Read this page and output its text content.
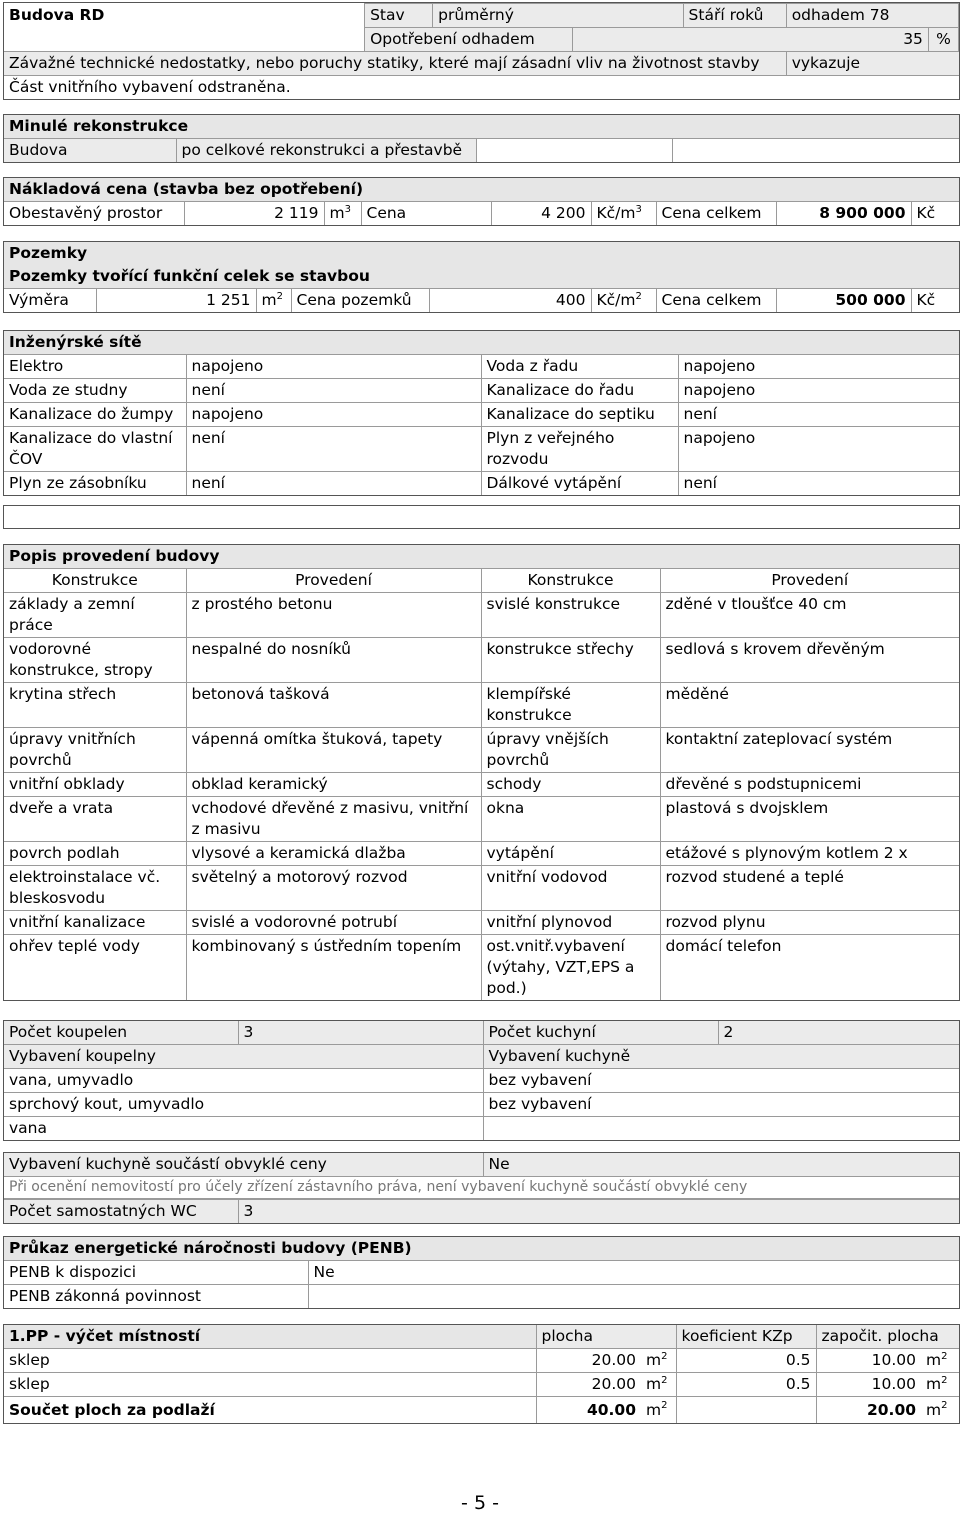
Budova RD	Stav	průměrný		Stáří roků	odhadem 78	
	Opotřebení odhadem		35			%
Závažné technické nedostatky, nebo poruchy statiky, které mají zásadní vliv na životnost stavby					vykazuje	
Část vnitřního vybavení odstraněna.						
Minulé rekonstrukce
Budova	po celkové rekonstrukci a přestavbě		
Nákladová cena (stavba bez opotřebení)
Obestavěný prostor	2 119	$m^3$	Cena	4 200	$Kč/m^3$	Cena celkem	8 900 000	Kč
Pozemky
Pozemky tvořící funkční celek se stavbou
Výměra	1 251	$m^2$	Cena pozemků	400	$Kč/m^2$	Cena celkem	500 000	Kč
Inženýrské sítě			
Elektro	napojeno	Voda z řadu	napojeno
Voda ze studny	není	Kanalizace do řadu	napojeno
Kanalizace do žumpy	napojeno	Kanalizace do septiku	není
Kanalizace do vlastní ČOV	není	Plyn z veřejného rozvodu	napojeno
Plyn ze zásobníku	není	Dálkové vytápění	není
Popis provedení budovy			
Konstrukce	Provedení	Konstrukce	Provedení
základy a zemní práce	z prostého betonu	svislé konstrukce	zděné v tloušťce 40 cm
vodorovné konstrukce, stropy	nespalné do nosníků	konstrukce střechy	sedlová s krovem dřevěným
krytina střech	betonová tašková	klempířské konstrukce	měděné
úpravy vnitřních povrchů	vápenná omítka štuková, tapety	úpravy vnějších povrchů	kontaktní zateplovací systém
vnitřní obklady	obklad keramický	schody	dřevěné s podstupnicemi
dveře a vrata	vchodové dřevěné z masivu, vnitřní z masivu	okna	plastová s dvojsklem
povrch podlah	vlysové a keramická dlažba	vytápění	etážové s plynovým kotlem 2 x
elektroinstalace vč. bleskosvodu	světelný a motorový rozvod	vnitřní vodovod	rozvod studené a teplé
vnitřní kanalizace	svislé a vodorovné potrubí	vnitřní plynovod	rozvod plynu
ohřev teplé vody	kombinovaný s ústředním topením	ost.vnitř.vybavení (výtahy, VZT,EPS a pod.)	domácí telefon
Počet koupelen	3	Počet kuchyní	2
Vybavení koupelny		Vybavení kuchyně	
vana, umyvadlo		bez vybavení	
sprchový kout, umyvadlo		bez vybavení	
vana			
Vybavení kuchyně součástí obvyklé ceny	Ne
Při ocenění nemovitostí pro účely zřízení zástavního práva, není vybavení kuchyně součástí obvyklé ceny

Počet samostatných WC	3
Průkaz energetické náročnosti budovy (PENB)	
PENB k dispozici	Ne
PENB zákonná povinnost	
1.PP - výčet místností	plocha		koeficient KZp	započit. plocha	
sklep	20.00	$m^2$	0.5	10.00	$m^2$
sklep	20.00	$m^2$	0.5	10.00	$m^2$
Součet ploch za podlaží	40.00	$m^2$		20.00	$m^2$
- 5 -
